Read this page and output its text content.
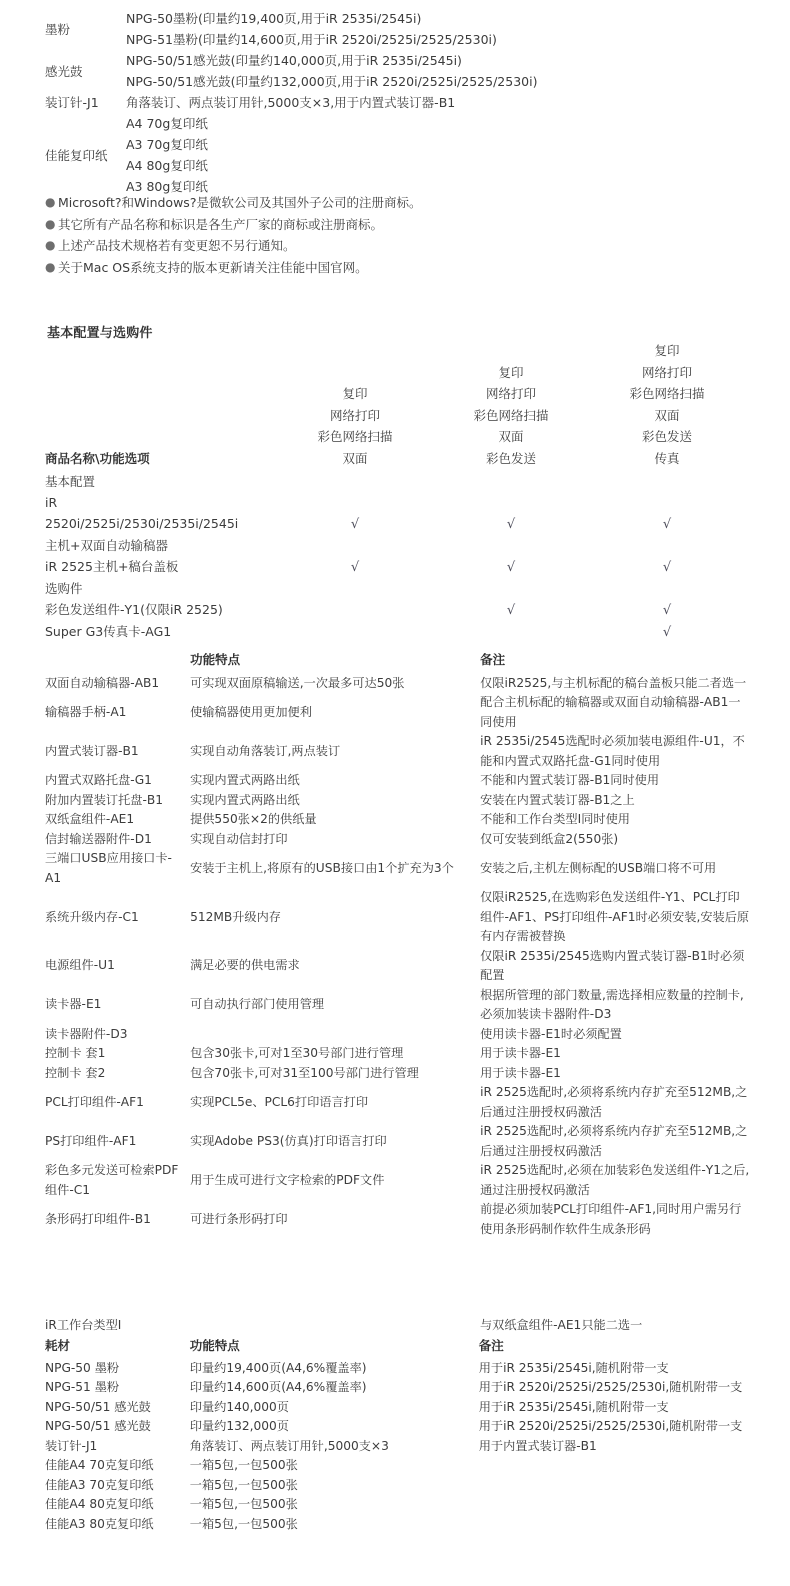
墨粉	NPG-50墨粉(印量约19,400页,用于iR 2535i/2545i)
	NPG-51墨粉(印量约14,600页,用于iR 2520i/2525i/2525/2530i)
感光鼓	NPG-50/51感光鼓(印量约140,000页,用于iR 2535i/2545i)
	NPG-50/51感光鼓(印量约132,000页,用于iR 2520i/2525i/2525/2530i)
装订针-J1	角落装订、两点装订用针,5000支×3,用于内置式装订器-B1
佳能复印纸	A4 70g复印纸
	A3 70g复印纸
	A4 80g复印纸
	A3 80g复印纸
● Microsoft?和Windows?是微软公司及其国外子公司的注册商标。
● 其它所有产品名称和标识是各生产厂家的商标或注册商标。
● 上述产品技术规格若有变更恕不另行通知。
● 关于Mac OS系统支持的版本更新请关注佳能中国官网。
基本配置与选购件
商品名称\功能选项	
复印
网络打印
彩色网络扫描
双面

复印
网络打印
彩色网络扫描
双面
彩色发送

复印
网络打印
彩色网络扫描
双面
彩色发送
传真

基本配置			
iR			
2520i/2525i/2530i/2535i/2545i	√	√	√
主机+双面自动输稿器			
iR 2525主机+稿台盖板	√	√	√
选购件			
彩色发送组件-Y1(仅限iR 2525)		√	√
Super G3传真卡-AG1			√
	功能特点	备注
双面自动输稿器-AB1	可实现双面原稿输送,一次最多可达50张	仅限iR2525,与主机标配的稿台盖板只能二者选一
输稿器手柄-A1	使输稿器使用更加便利	配合主机标配的输稿器或双面自动输稿器-AB1一同使用
内置式装订器-B1	实现自动角落装订,两点装订	iR 2535i/2545选配时必须加装电源组件-U1，不能和内置式双路托盘-G1同时使用
内置式双路托盘-G1	实现内置式两路出纸	不能和内置式装订器-B1同时使用
附加内置装订托盘-B1	实现内置式两路出纸	安装在内置式装订器-B1之上
双纸盒组件-AE1	提供550张×2的供纸量	不能和工作台类型I同时使用
信封输送器附件-D1	实现自动信封打印	仅可安装到纸盒2(550张)
三端口USB应用接口卡-A1	安装于主机上,将原有的USB接口由1个扩充为3个	安装之后,主机左侧标配的USB端口将不可用
系统升级内存-C1	512MB升级内存	仅限iR2525,在选购彩色发送组件-Y1、PCL打印组件-AF1、PS打印组件-AF1时必须安装,安装后原有内存需被替换
电源组件-U1	满足必要的供电需求	仅限iR 2535i/2545选购内置式装订器-B1时必须配置
读卡器-E1	可自动执行部门使用管理	根据所管理的部门数量,需选择相应数量的控制卡,必须加装读卡器附件-D3
读卡器附件-D3		使用读卡器-E1时必须配置
控制卡 套1	包含30张卡,可对1至30号部门进行管理	用于读卡器-E1
控制卡 套2	包含70张卡,可对31至100号部门进行管理	用于读卡器-E1
PCL打印组件-AF1	实现PCL5e、PCL6打印语言打印	iR 2525选配时,必须将系统内存扩充至512MB,之后通过注册授权码激活
PS打印组件-AF1	实现Adobe PS3(仿真)打印语言打印	iR 2525选配时,必须将系统内存扩充至512MB,之后通过注册授权码激活
彩色多元发送可检索PDF组件-C1	用于生成可进行文字检索的PDF文件	iR 2525选配时,必须在加装彩色发送组件-Y1之后,通过注册授权码激活
条形码打印组件-B1	可进行条形码打印	前提必须加装PCL打印组件-AF1,同时用户需另行使用条形码制作软件生成条形码
iR工作台类型I	与双纸盒组件-AE1只能二选一
耗材	功能特点	备注
NPG-50 墨粉	印量约19,400页(A4,6%覆盖率)	用于iR 2535i/2545i,随机附带一支
NPG-51 墨粉	印量约14,600页(A4,6%覆盖率)	用于iR 2520i/2525i/2525/2530i,随机附带一支
NPG-50/51 感光鼓	印量约140,000页	用于iR 2535i/2545i,随机附带一支
NPG-50/51 感光鼓	印量约132,000页	用于iR 2520i/2525i/2525/2530i,随机附带一支
装订针-J1	角落装订、两点装订用针,5000支×3	用于内置式装订器-B1
佳能A4 70克复印纸	一箱5包,一包500张	
佳能A3 70克复印纸	一箱5包,一包500张	
佳能A4 80克复印纸	一箱5包,一包500张	
佳能A3 80克复印纸	一箱5包,一包500张	
